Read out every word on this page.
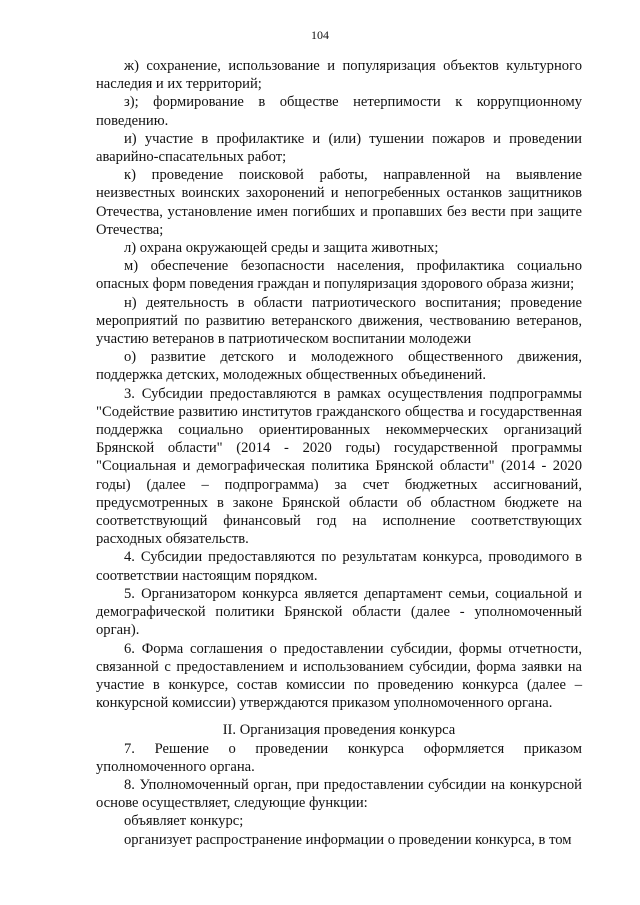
104

ж) сохранение, использование и популяризация объектов культурного наследия и их территорий;

з); формирование в обществе нетерпимости к коррупционному поведению.

и) участие в профилактике и (или) тушении пожаров и проведении аварийно-спасательных работ;

к) проведение поисковой работы, направленной на выявление неизвестных воинских захоронений и непогребенных останков защитников Отечества, установление имен погибших и пропавших без вести при защите Отечества;

л) охрана окружающей среды и защита животных;

м) обеспечение безопасности населения, профилактика социально опасных форм поведения граждан и популяризация здорового образа жизни;

н) деятельность в области патриотического воспитания; проведение мероприятий по развитию ветеранского движения, чествованию ветеранов, участию ветеранов в патриотическом воспитании молодежи

о) развитие детского и молодежного общественного движения, поддержка детских, молодежных общественных объединений.

3. Субсидии предоставляются в рамках осуществления подпрограммы "Содействие развитию институтов гражданского общества и государственная поддержка социально ориентированных некоммерческих организаций Брянской области" (2014 - 2020 годы) государственной программы "Социальная и демографическая политика Брянской области" (2014 - 2020 годы) (далее – подпрограмма) за счет бюджетных ассигнований, предусмотренных в законе Брянской области об областном бюджете на соответствующий финансовый год на исполнение соответствующих расходных обязательств.

4. Субсидии предоставляются по результатам конкурса, проводимого в соответствии настоящим порядком.

5. Организатором конкурса является департамент семьи, социальной и демографической политики Брянской области (далее - уполномоченный орган).

6. Форма соглашения о предоставлении субсидии, формы отчетности, связанной с предоставлением и использованием субсидии, форма заявки на участие в конкурсе, состав комиссии по проведению конкурса (далее – конкурсной комиссии) утверждаются приказом уполномоченного органа.

II. Организация проведения конкурса

7. Решение о проведении конкурса оформляется приказом уполномоченного органа.

8. Уполномоченный орган, при предоставлении субсидии на конкурсной основе осуществляет, следующие функции:

объявляет конкурс;

организует распространение информации о проведении конкурса, в том
